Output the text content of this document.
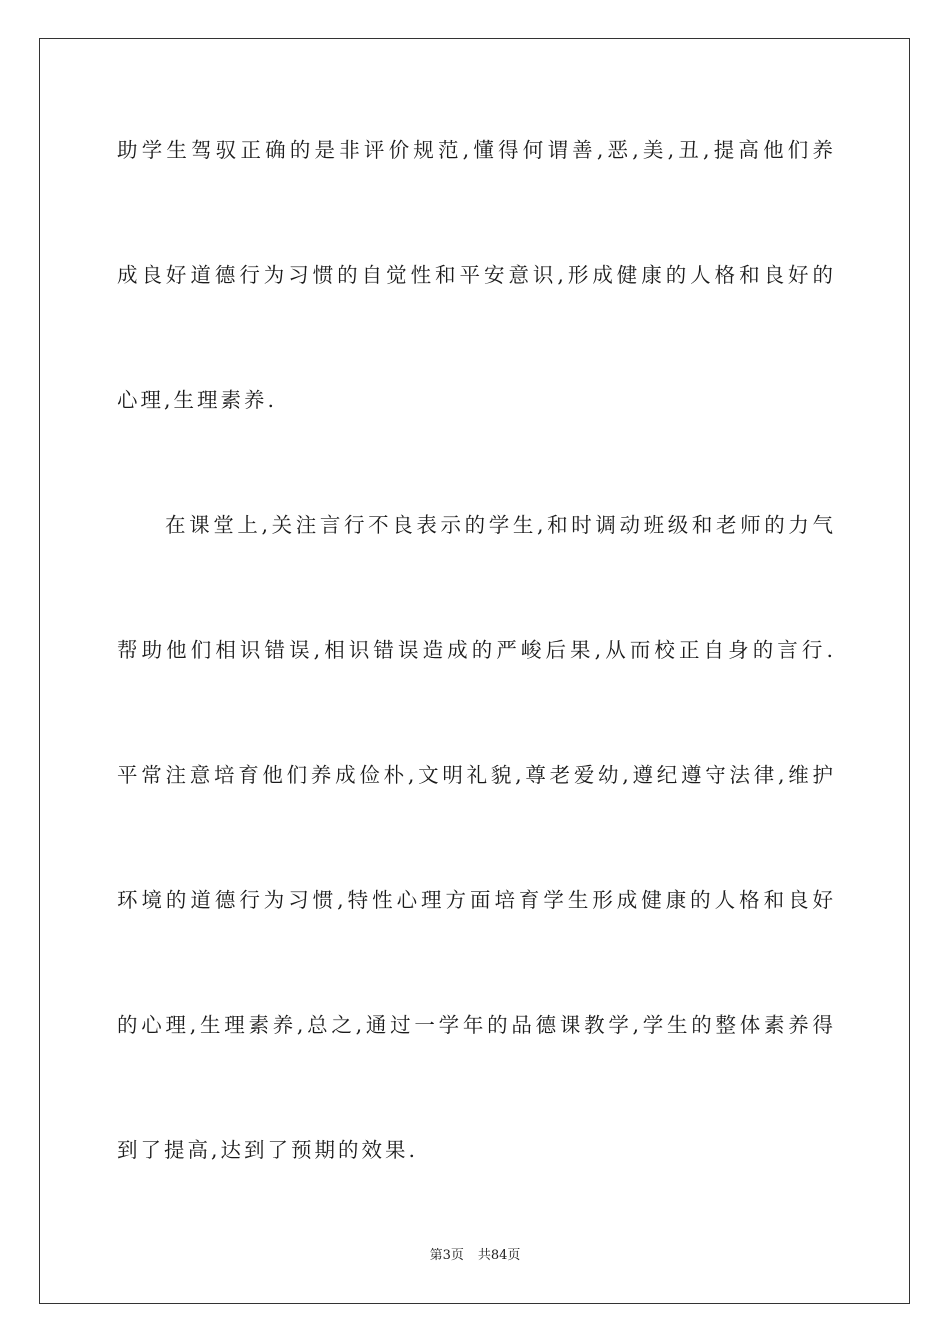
助学生驾驭正确的是非评价规范,懂得何谓善,恶,美,丑,提高他们养
成良好道德行为习惯的自觉性和平安意识,形成健康的人格和良好的
心理,生理素养.
在课堂上,关注言行不良表示的学生,和时调动班级和老师的力气
帮助他们相识错误,相识错误造成的严峻后果,从而校正自身的言行.
平常注意培育他们养成俭朴,文明礼貌,尊老爱幼,遵纪遵守法律,维护
环境的道德行为习惯,特性心理方面培育学生形成健康的人格和良好
的心理,生理素养,总之,通过一学年的品德课教学,学生的整体素养得
到了提高,达到了预期的效果.
第3页 共84页
